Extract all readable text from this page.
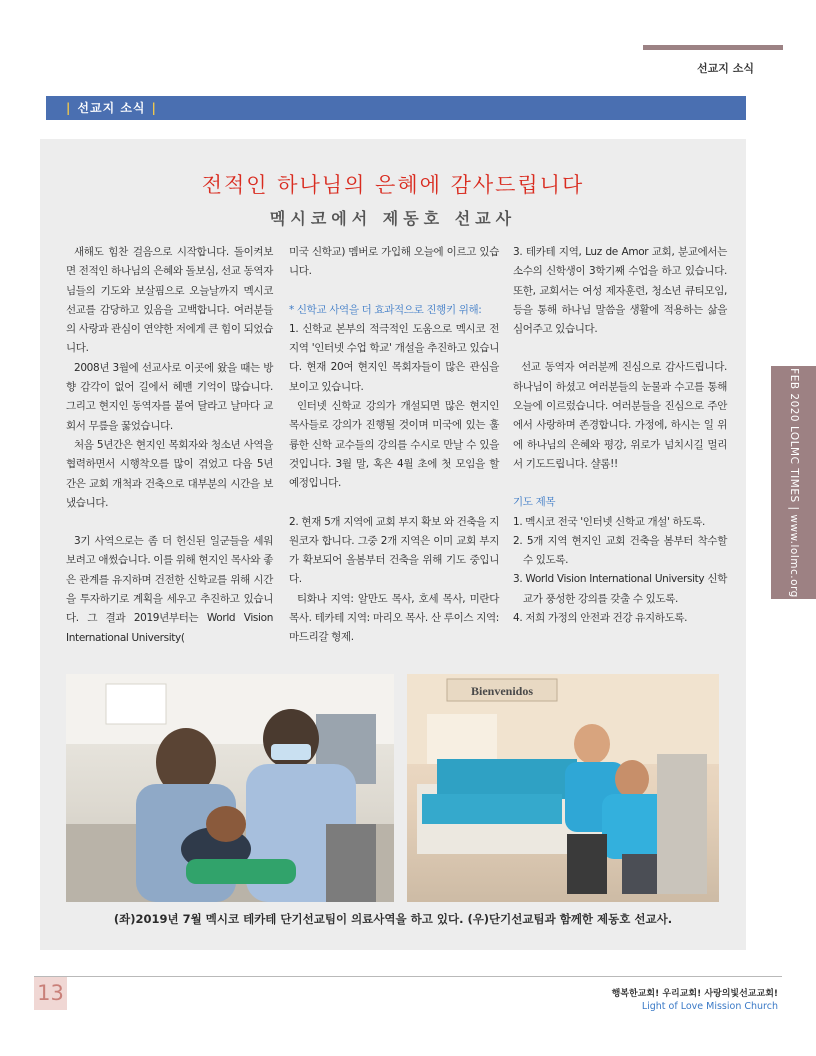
선교지 소식
| 선교지 소식 |
전적인 하나님의 은혜에 감사드립니다
멕시코에서 제동호 선교사

새해도 힘찬 걸음으로 시작합니다. 돌이켜보면 전적인 하나님의 은혜와 돌보심, 선교 동역자님들의 기도와 보살핌으로 오늘날까지 멕시코 선교를 감당하고 있음을 고백합니다. 여러분들의 사랑과 관심이 연약한 저에게 큰 힘이 되었습니다.

2008년 3월에 선교사로 이곳에 왔을 때는 방향 감각이 없어 길에서 헤맨 기억이 많습니다. 그리고 현지인 동역자를 붙여 달라고 날마다 교회서 무릎을 꿇었습니다.

처음 5년간은 현지인 목회자와 청소년 사역을 협력하면서 시행착오를 많이 겪었고 다음 5년간은 교회 개척과 건축으로 대부분의 시간을 보냈습니다.

3기 사역으로는 좀 더 헌신된 일군들을 세워보려고 애썼습니다. 이를 위해 현지인 목사와 좋은 관계를 유지하며 건전한 신학교를 위해 시간을 투자하기로 계획을 세우고 추진하고 있습니다. 그 결과 2019년부터는 World Vision International University(

미국 신학교) 멤버로 가입해 오늘에 이르고 있습니다.

* 신학교 사역을 더 효과적으로 진행키 위해:

1. 신학교 본부의 적극적인 도움으로 멕시코 전 지역 '인터넷 수업 학교' 개설을 추진하고 있습니다. 현재 20여 현지인 목회자들이 많은 관심을 보이고 있습니다.

인터넷 신학교 강의가 개설되면 많은 현지인 목사들로 강의가 진행될 것이며 미국에 있는 훌륭한 신학 교수들의 강의를 수시로 만날 수 있을 것입니다. 3월 말, 혹은 4월 초에 첫 모임을 할 예정입니다.

2. 현재 5개 지역에 교회 부지 확보 와 건축을 지원코자 합니다. 그중 2개 지역은 이미 교회 부지가 확보되어 올봄부터 건축을 위해 기도 중입니다.

티화나 지역: 알만도 목사, 호세 목사, 미란다 목사. 테카테 지역: 마리오 목사. 산 루이스 지역: 마드리갈 형제.

3. 테카테 지역, Luz de Amor 교회, 분교에서는 소수의 신학생이 3학기째 수업을 하고 있습니다. 또한, 교회서는 여성 제자훈련, 청소년 큐티모임, 등을 통해 하나님 말씀을 생활에 적용하는 삶을 심어주고 있습니다.

선교 동역자 여러분께 진심으로 감사드립니다. 하나님이 하셨고 여러분들의 눈물과 수고를 통해 오늘에 이르렀습니다. 여러분들을 진심으로 주안에서 사랑하며 존경합니다. 가정에, 하시는 일 위에 하나님의 은혜와 평강, 위로가 넘치시길 멀리서 기도드립니다. 샬롬!!

기도 제목

1. 멕시코 전국 '인터넷 신학교 개설' 하도록.

2. 5개 지역 현지인 교회 건축을 봄부터 착수할 수 있도록.

3. World Vision International University 신학교가 풍성한 강의를 갖출 수 있도록.

4. 저희 가정의 안전과 건강 유지하도록.

Bienvenidos
(좌)2019년 7월 멕시코 테카테 단기선교팀이 의료사역을 하고 있다. (우)단기선교팀과 함께한 제동호 선교사.
FEB 2020 LOLMC TIMES | www.lolmc.org
13	행복한교회! 우리교회! 사랑의빛선교교회!
Light of Love Mission Church
